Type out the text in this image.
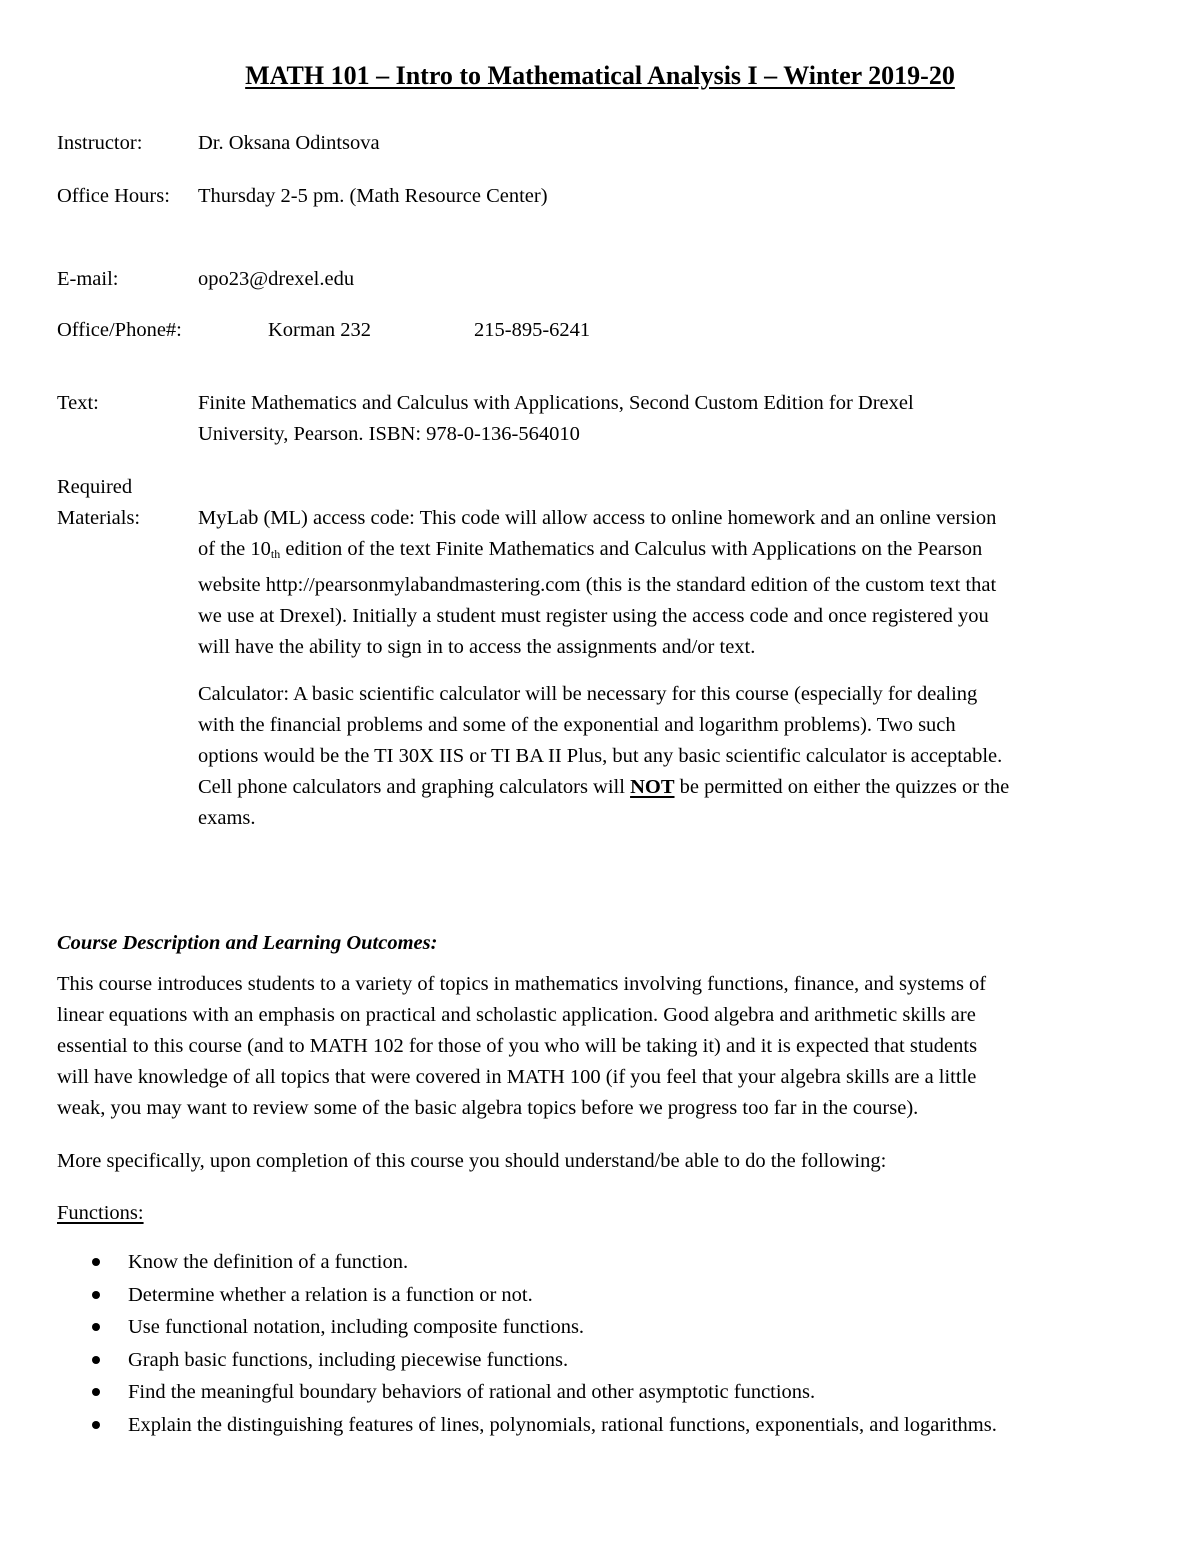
MATH 101 – Intro to Mathematical Analysis I – Winter 2019-20
Instructor:	Dr. Oksana Odintsova
Office Hours: Thursday 2-5 pm. (Math Resource Center)
E-mail:	opo23@drexel.edu
Office/Phone#:	Korman 232	215-895-6241
Text:	Finite Mathematics and Calculus with Applications, Second Custom Edition for Drexel
University, Pearson. ISBN: 978-0-136-564010
Required
Materials:	MyLab (ML) access code: This code will allow access to online homework and an online version
of the $10_{th}$ edition of the text Finite Mathematics and Calculus with Applications on the Pearson
website http://pearsonmylabandmastering.com (this is the standard edition of the custom text that
we use at Drexel). Initially a student must register using the access code and once registered you
will have the ability to sign in to access the assignments and/or text.
Calculator: A basic scientific calculator will be necessary for this course (especially for dealing
with the financial problems and some of the exponential and logarithm problems). Two such
options would be the TI 30X IIS or TI BA II Plus, but any basic scientific calculator is acceptable.
Cell phone calculators and graphing calculators will NOT be permitted on either the quizzes or the
exams.
Course Description and Learning Outcomes:
This course introduces students to a variety of topics in mathematics involving functions, finance, and systems of
linear equations with an emphasis on practical and scholastic application. Good algebra and arithmetic skills are
essential to this course (and to MATH 102 for those of you who will be taking it) and it is expected that students
will have knowledge of all topics that were covered in MATH 100 (if you feel that your algebra skills are a little
weak, you may want to review some of the basic algebra topics before we progress too far in the course).
More specifically, upon completion of this course you should understand/be able to do the following:
Functions:
Know the definition of a function.
Determine whether a relation is a function or not.
Use functional notation, including composite functions.
Graph basic functions, including piecewise functions.
Find the meaningful boundary behaviors of rational and other asymptotic functions.
Explain the distinguishing features of lines, polynomials, rational functions, exponentials, and logarithms.
